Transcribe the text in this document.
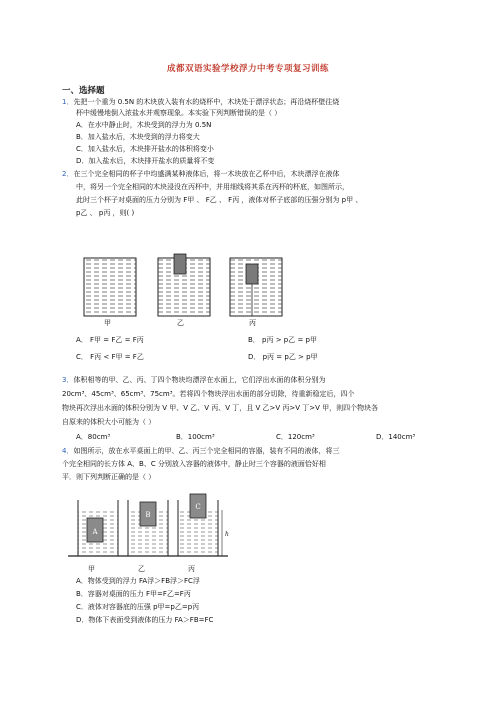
成都双语实验学校浮力中考专项复习训练
一、选择题
1．先把一个重为 0.5N 的木块放入装有水的烧杯中，木块处于漂浮状态；再沿烧杯壁往烧
杯中缓慢地倒入浓盐水并观察现象。本实验下列判断错误的是（ ）
A．在水中静止时，木块受到的浮力为 0.5N
B．加入盐水后，木块受到的浮力将变大
C．加入盐水后，木块排开盐水的体积将变小
D．加入盐水后，木块排开盐水的质量将不变
2．在三个完全相同的杯子中均盛满某种液体后，将一木块放在乙杯中后，木块漂浮在液体
中，将另一个完全相同的木块浸没在丙杯中，并用细线将其系在丙杯的杯底，如图所示，
此时三个杯子对桌面的压力分别为 F甲 、 F乙 、 F丙 ，液体对杯子底部的压强分别为 p甲 、
p乙 、 p丙 ，则( )
甲	乙	丙
A． F甲 = F乙 = F丙	B． p丙 > p乙 = p甲
C． F丙 < F甲 = F乙	D． p丙 = p乙 > p甲
3．体积相等的甲、乙、丙、丁四个物块均漂浮在水面上，它们浮出水面的体积分别为
20cm³、45cm³、65cm³、75cm³。若将四个物块浮出水面的部分切除，待重新稳定后，四个
物块再次浮出水面的体积分别为 V 甲、V 乙、V 丙、V 丁，且 V 乙>V 丙>V 丁>V 甲，则四个物块各
自原来的体积大小可能为（ ）
A．80cm³	B．100cm³	C．120cm³	D．140cm³
4．如图所示，放在水平桌面上的甲、乙、丙三个完全相同的容器，装有不同的液体，将三
个完全相同的长方体 A、B、C 分别放入容器的液体中，静止时三个容器的液面恰好相
平．则下列判断正确的是（ ）
A
B
C
h
甲	乙	丙
A．物体受到的浮力 FA浮＞FB浮＞FC浮
B．容器对桌面的压力 F甲=F乙=F丙
C．液体对容器底的压强 p甲=p乙=p丙
D．物体下表面受到液体的压力 FA＞FB=FC
